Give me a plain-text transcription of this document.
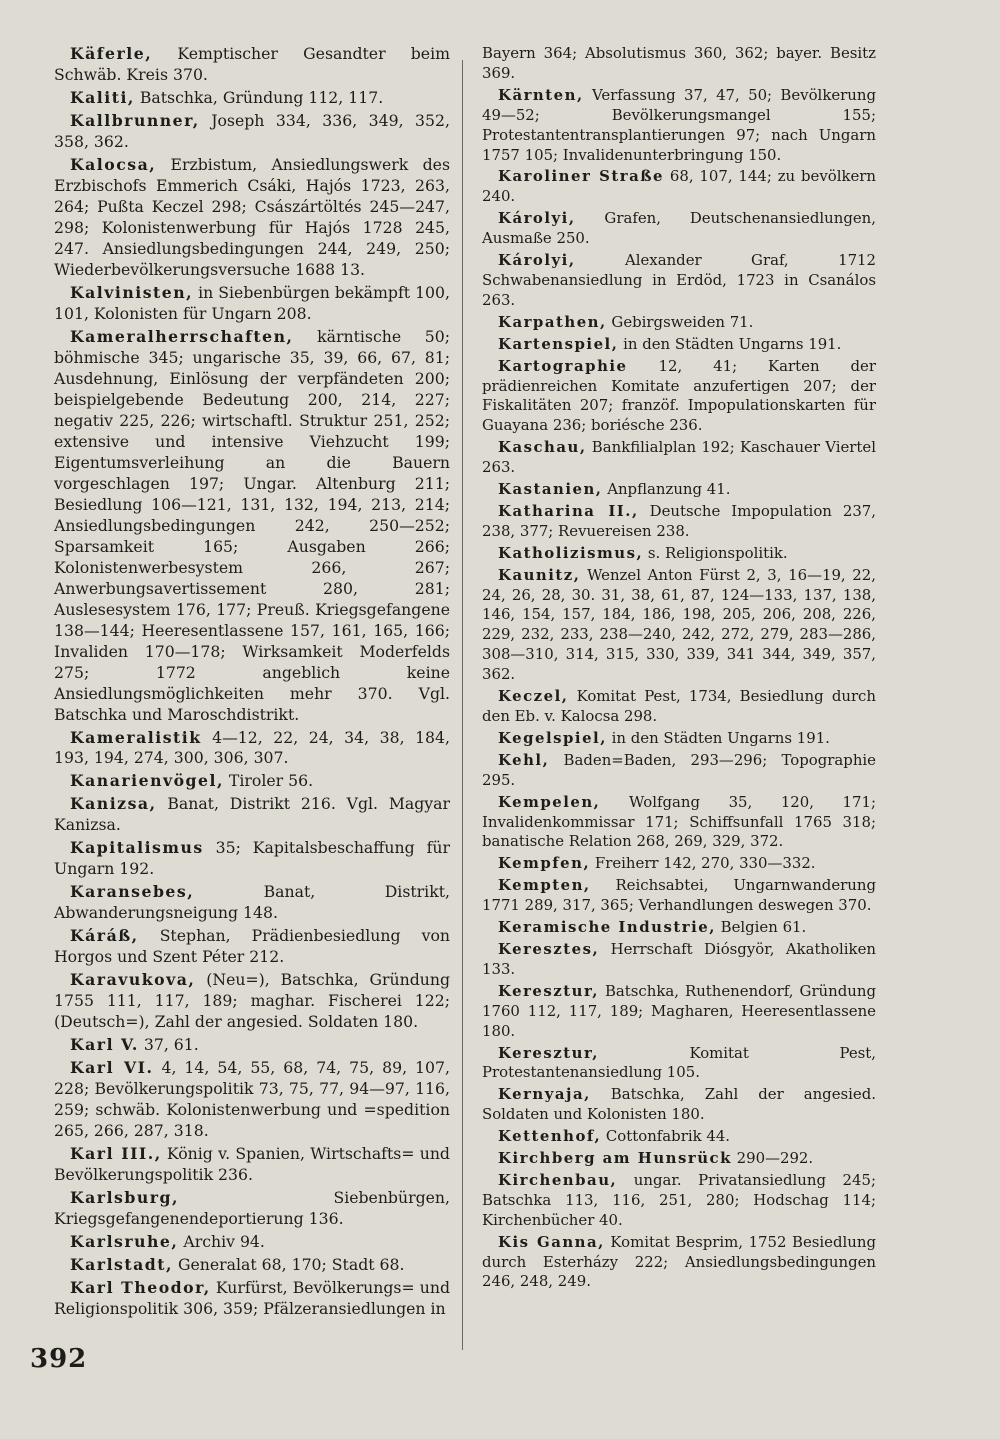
Käferle, Kemptischer Gesandter beim Schwäb. Kreis 370.

Kaliti, Batschka, Gründung 112, 117.

Kallbrunner, Joseph 334, 336, 349, 352, 358, 362.

Kalocsa, Erzbistum, Ansiedlungswerk des Erzbischofs Emmerich Csáki, Hajós 1723, 263, 264; Pußta Keczel 298; Császártöltés 245—247, 298; Kolonistenwerbung für Hajós 1728 245, 247. Ansiedlungsbedingungen 244, 249, 250; Wiederbevölkerungsversuche 1688 13.

Kalvinisten, in Siebenbürgen bekämpft 100, 101, Kolonisten für Ungarn 208.

Kameralherrschaften, kärntische 50; böhmische 345; ungarische 35, 39, 66, 67, 81; Ausdehnung, Einlösung der verpfändeten 200; beispielgebende Bedeutung 200, 214, 227; negativ 225, 226; wirtschaftl. Struktur 251, 252; extensive und intensive Viehzucht 199; Eigentumsverleihung an die Bauern vorgeschlagen 197; Ungar. Altenburg 211; Besiedlung 106—121, 131, 132, 194, 213, 214; Ansiedlungsbedingungen 242, 250—252; Sparsamkeit 165; Ausgaben 266; Kolonistenwerbesystem 266, 267; Anwerbungsavertissement 280, 281; Auslesesystem 176, 177; Preuß. Kriegsgefangene 138—144; Heeresentlassene 157, 161, 165, 166; Invaliden 170—178; Wirksamkeit Moderfelds 275; 1772 angeblich keine Ansiedlungsmöglichkeiten mehr 370. Vgl. Batschka und Maroschdistrikt.

Kameralistik 4—12, 22, 24, 34, 38, 184, 193, 194, 274, 300, 306, 307.

Kanarienvögel, Tiroler 56.

Kanizsa, Banat, Distrikt 216. Vgl. Magyar Kanizsa.

Kapitalismus 35; Kapitalsbeschaffung für Ungarn 192.

Karansebes, Banat, Distrikt, Abwanderungsneigung 148.

Káráß, Stephan, Prädienbesiedlung von Horgos und Szent Péter 212.

Karavukova, (Neu=), Batschka, Gründung 1755 111, 117, 189; maghar. Fischerei 122; (Deutsch=), Zahl der angesied. Soldaten 180.

Karl V. 37, 61.

Karl VI. 4, 14, 54, 55, 68, 74, 75, 89, 107, 228; Bevölkerungspolitik 73, 75, 77, 94—97, 116, 259; schwäb. Kolonistenwerbung und =spedition 265, 266, 287, 318.

Karl III., König v. Spanien, Wirtschafts= und Bevölkerungspolitik 236.

Karlsburg, Siebenbürgen, Kriegsgefangenendeportierung 136.

Karlsruhe, Archiv 94.

Karlstadt, Generalat 68, 170; Stadt 68.

Karl Theodor, Kurfürst, Bevölkerungs= und Religionspolitik 306, 359; Pfälzeransiedlungen in

Bayern 364; Absolutismus 360, 362; bayer. Besitz 369.

Kärnten, Verfassung 37, 47, 50; Bevölkerung 49—52; Bevölkerungsmangel 155; Protestantentransplantierungen 97; nach Ungarn 1757 105; Invalidenunterbringung 150.

Karoliner Straße 68, 107, 144; zu bevölkern 240.

Károlyi, Grafen, Deutschenansiedlungen, Ausmaße 250.

Károlyi, Alexander Graf, 1712 Schwabenansiedlung in Erdöd, 1723 in Csanálos 263.

Karpathen, Gebirgsweiden 71.

Kartenspiel, in den Städten Ungarns 191.

Kartographie 12, 41; Karten der prädienreichen Komitate anzufertigen 207; der Fiskalitäten 207; franzöf. Impopulationskarten für Guayana 236; boriésche 236.

Kaschau, Bankfilialplan 192; Kaschauer Viertel 263.

Kastanien, Anpflanzung 41.

Katharina II., Deutsche Impopulation 237, 238, 377; Revuereisen 238.

Katholizismus, s. Religionspolitik.

Kaunitz, Wenzel Anton Fürst 2, 3, 16—19, 22, 24, 26, 28, 30. 31, 38, 61, 87, 124—133, 137, 138, 146, 154, 157, 184, 186, 198, 205, 206, 208, 226, 229, 232, 233, 238—240, 242, 272, 279, 283—286, 308—310, 314, 315, 330, 339, 341 344, 349, 357, 362.

Keczel, Komitat Pest, 1734, Besiedlung durch den Eb. v. Kalocsa 298.

Kegelspiel, in den Städten Ungarns 191.

Kehl, Baden=Baden, 293—296; Topographie 295.

Kempelen, Wolfgang 35, 120, 171; Invalidenkommissar 171; Schiffsunfall 1765 318; banatische Relation 268, 269, 329, 372.

Kempfen, Freiherr 142, 270, 330—332.

Kempten, Reichsabtei, Ungarnwanderung 1771 289, 317, 365; Verhandlungen deswegen 370.

Keramische Industrie, Belgien 61.

Keresztes, Herrschaft Diósgyör, Akatholiken 133.

Keresztur, Batschka, Ruthenendorf, Gründung 1760 112, 117, 189; Magharen, Heeresentlassene 180.

Keresztur, Komitat Pest, Protestantenansiedlung 105.

Kernyaja, Batschka, Zahl der angesied. Soldaten und Kolonisten 180.

Kettenhof, Cottonfabrik 44.

Kirchberg am Hunsrück 290—292.

Kirchenbau, ungar. Privatansiedlung 245; Batschka 113, 116, 251, 280; Hodschag 114; Kirchenbücher 40.

Kis Ganna, Komitat Besprim, 1752 Besiedlung durch Esterházy 222; Ansiedlungsbedingungen 246, 248, 249.

392
